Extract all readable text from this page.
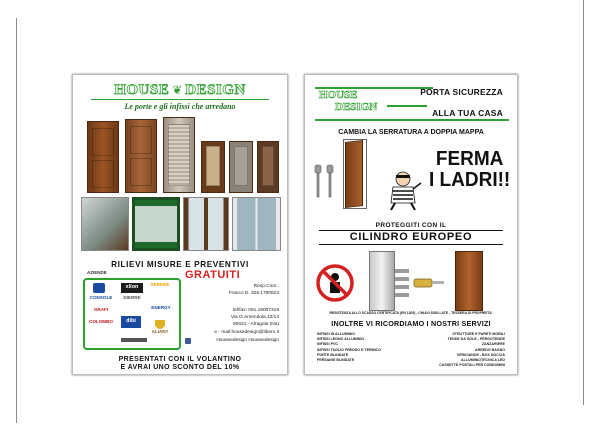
HOUSE ❦ DESIGN
Le porte e gli infissi che arredano
RILIEVI MISURE E PREVENTIVI
AZIENDE
xilon
CONSOLE	DIERRE
SERENE
dibi
ENERGY
COLOMBO
GRAFI
ALIANT
GRATUITI
Resp.Com.:
Franco D. 328.1790823
tel/fax: 081.19007319
Via G.Amendola,12/14
80021 - Afragola (Na)
e - mail:housedesign@libero.it
Houseedesign Houseedesign
PRESENTATI CON IL VOLANTINO
E AVRAI UNO SCONTO DEL 10%
HOUSE
DESIGN
PORTA SICUREZZA
ALLA TUA CASA
CAMBIA LA SERRATURA A DOPPIA MAPPA
FERMA
I LADRI!!
PROTEGGITI CON IL
CILINDRO EUROPEO
RESISTENZA ALLO SCASSO CERTIFICATA (EN 1303) - CHIAVI SIGILLATE - TESSERA DI PROPRIETA'
INOLTRE VI RICORDIAMO I NOSTRI SERVIZI
INFISSI IN ALLUMINIO
INFISSI LEGNO ALLUMINIO
INFISSI PVC
INFISSI TAGLIO FREDDO E TERMICO
PORTE BLINDATE
PERSIANE BLINDATE
STRUTTURE E PARETI MOBILI
TENDE DA SOLE - PERGOTENDE
ZANZARIERE
ARREDO BAGNO
VERICIANDE - BOX DOCCIA
ALLUMINIOTECNICA LED
CASSETTE POSTALI PER CONDOMINI
